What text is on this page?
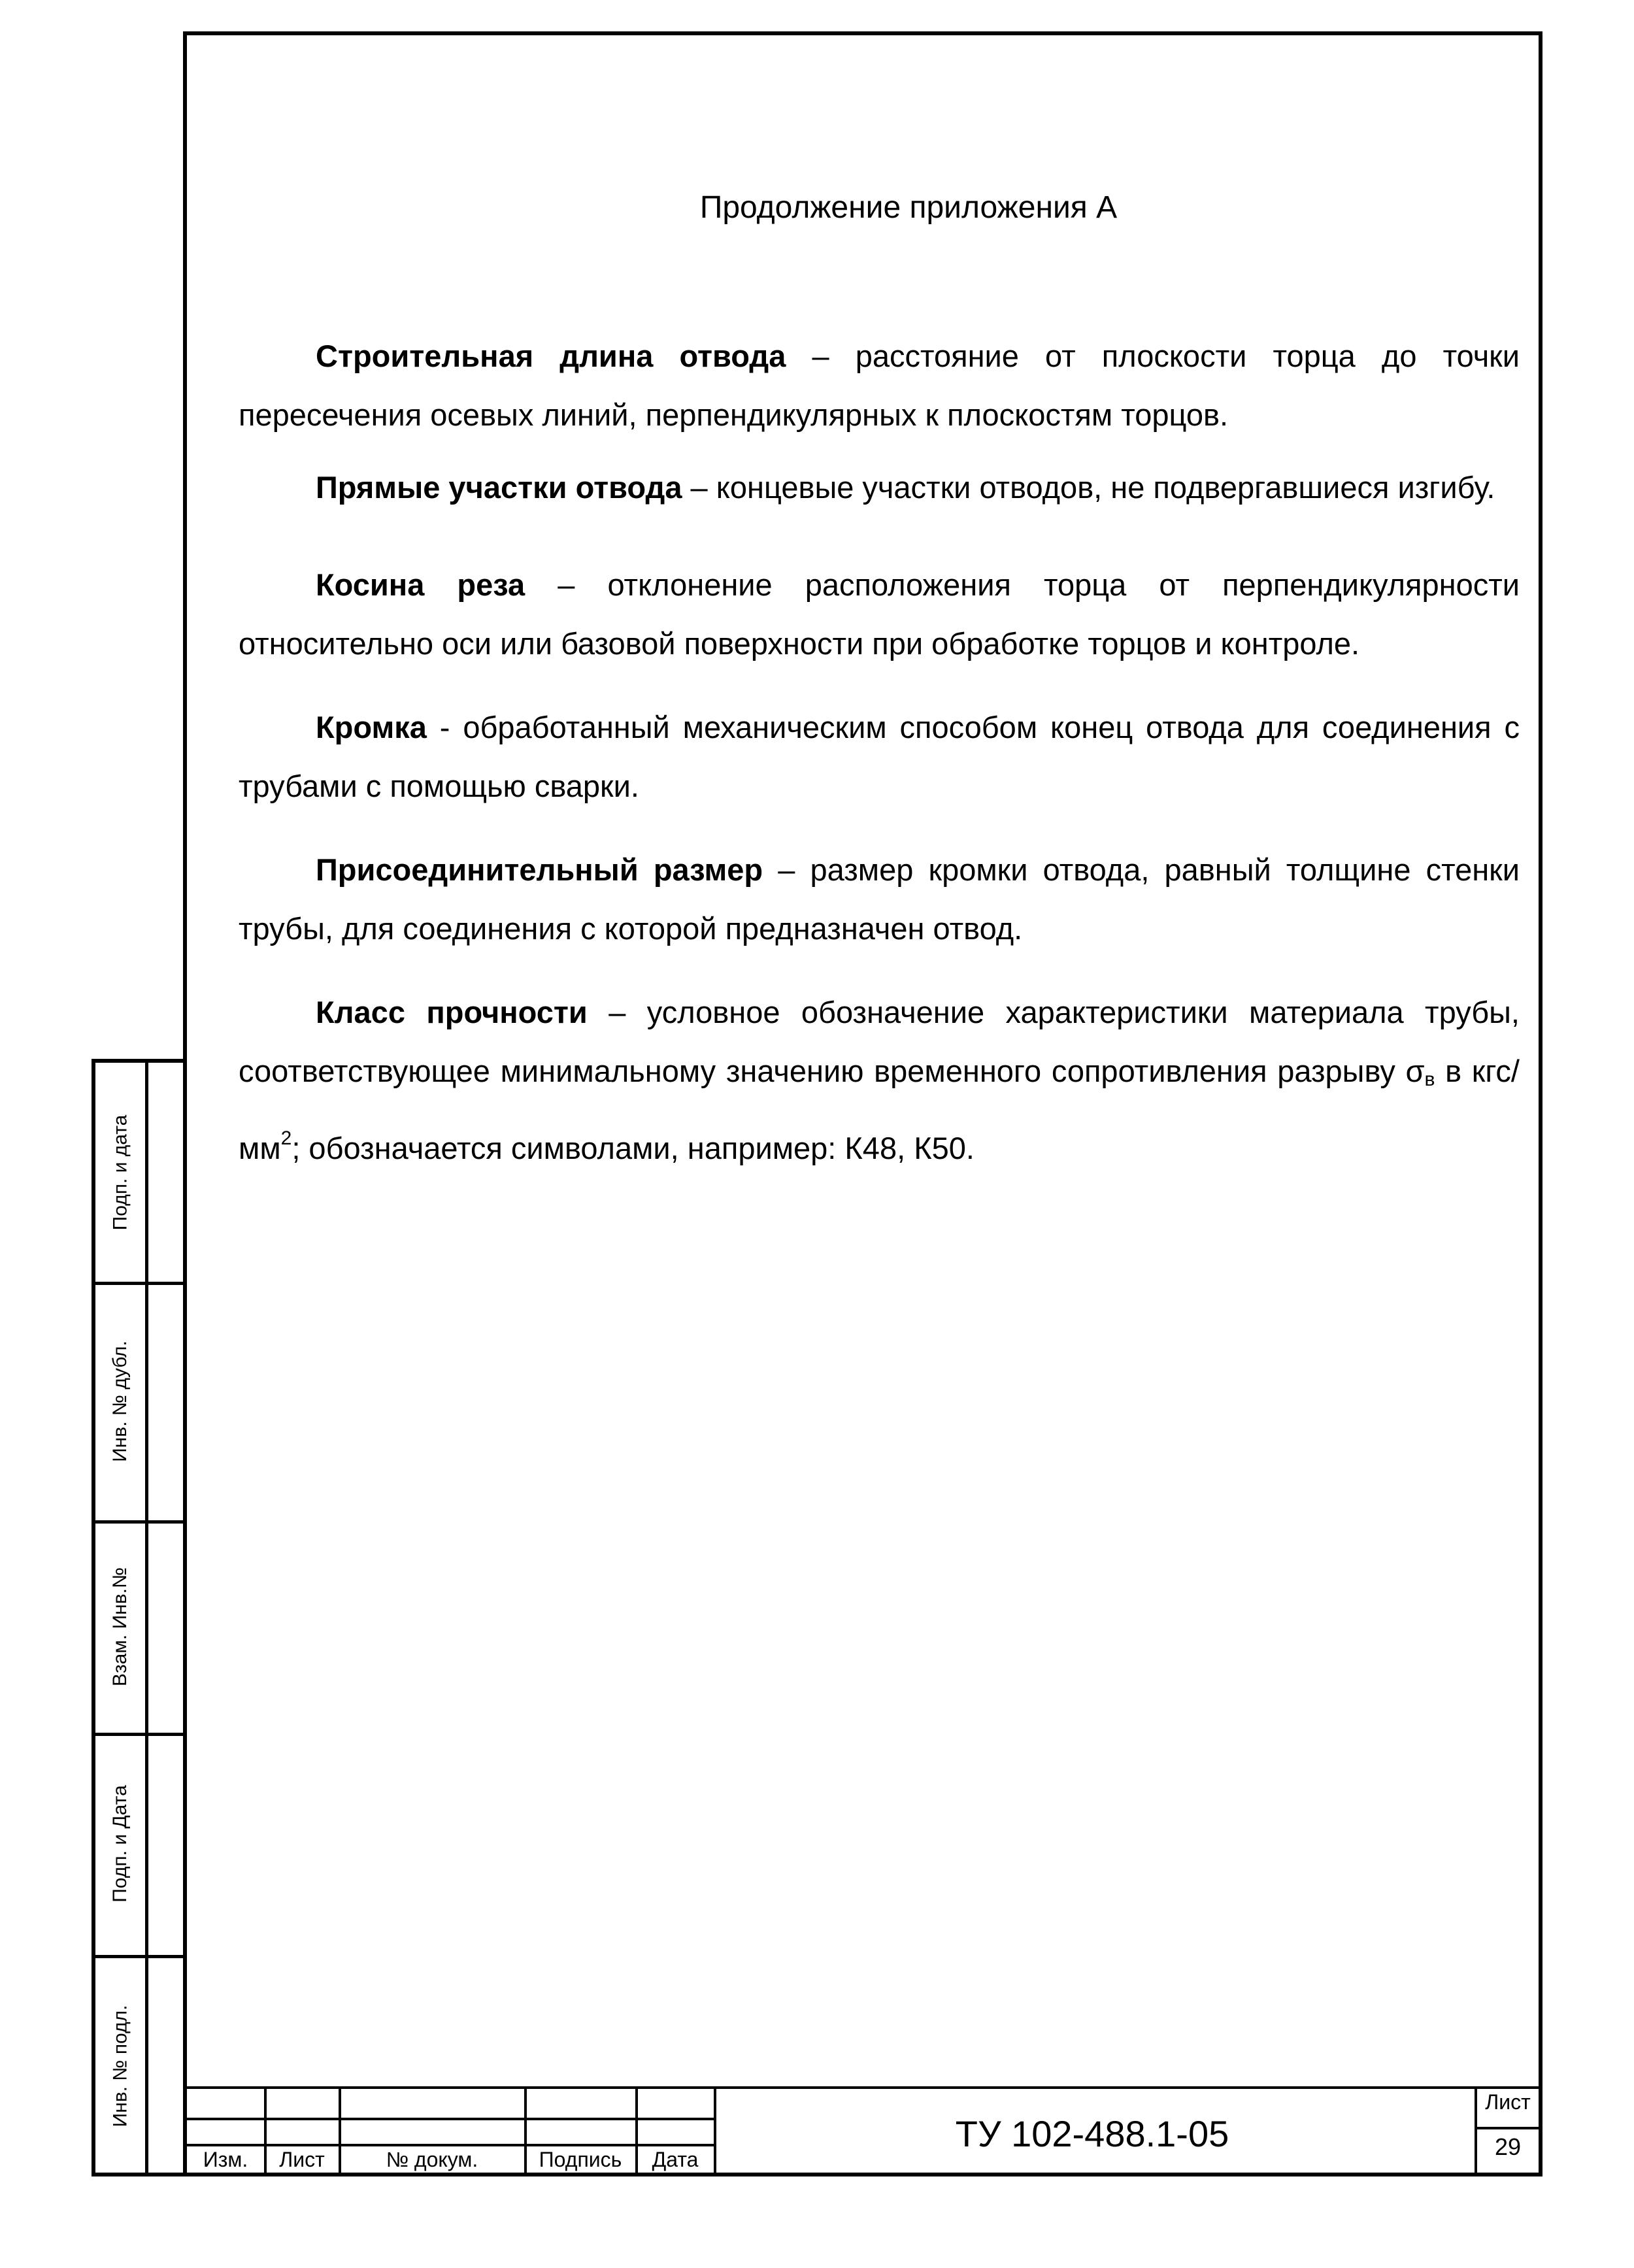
Продолжение приложения А

Строительная длина отвода – расстояние от плоскости торца до точки пересечения осевых линий, перпендикулярных к плоскостям торцов.

Прямые участки отвода – концевые участки отводов, не подвергавшиеся изгибу.

Косина реза – отклонение расположения торца от перпендикулярности относительно оси или базовой поверхности при обработке торцов и контроле.

Кромка - обработанный механическим способом конец отвода для соединения с трубами с помощью сварки.

Присоединительный размер – размер кромки отвода, равный толщине стенки трубы, для соединения с которой предназначен отвод.

Класс прочности – условное обозначение характеристики материала трубы, соответствующее минимальному значению временного сопротивления разрыву $\sigma_в$ в кгс/$мм^2$; обозначается символами, например: К48, К50.

Подп. и дата
Инв. № дубл.
Взам. Инв.№
Подп. и Дата
Инв. № подл.
Изм.	Лист	№ докум.	Подпись	Дата
ТУ 102-488.1-05
Лист
29
